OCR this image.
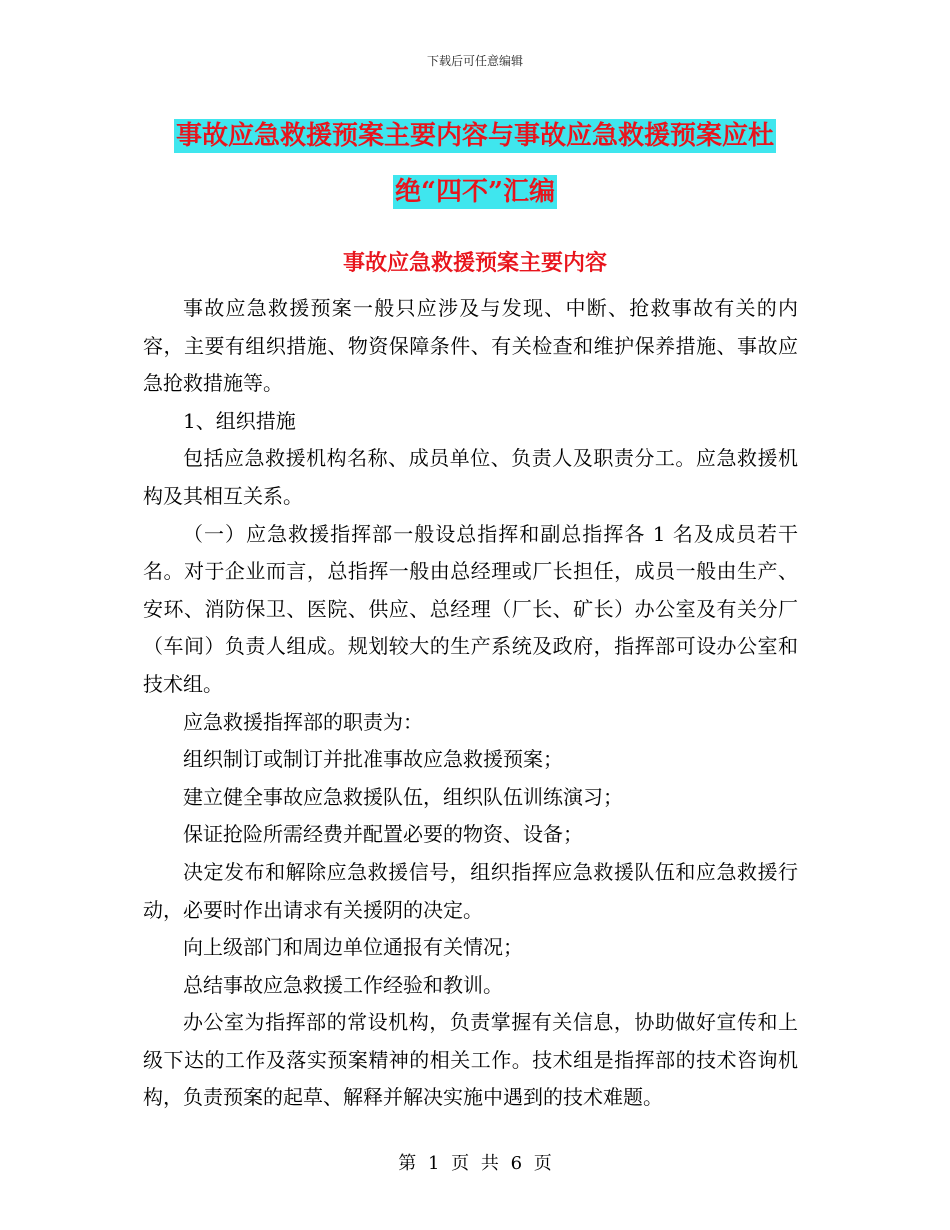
下载后可任意编辑
事故应急救援预案主要内容与事故应急救援预案应杜
绝“四不”汇编
事故应急救援预案主要内容

事故应急救援预案一般只应涉及与发现、中断、抢救事故有关的内容，主要有组织措施、物资保障条件、有关检查和维护保养措施、事故应急抢救措施等。

1、组织措施

包括应急救援机构名称、成员单位、负责人及职责分工。应急救援机构及其相互关系。

（一）应急救援指挥部一般设总指挥和副总指挥各 1 名及成员若干名。对于企业而言，总指挥一般由总经理或厂长担任，成员一般由生产、安环、消防保卫、医院、供应、总经理（厂长、矿长）办公室及有关分厂（车间）负责人组成。规划较大的生产系统及政府，指挥部可设办公室和技术组。

应急救援指挥部的职责为：

组织制订或制订并批准事故应急救援预案；

建立健全事故应急救援队伍，组织队伍训练演习；

保证抢险所需经费并配置必要的物资、设备；

决定发布和解除应急救援信号，组织指挥应急救援队伍和应急救援行动，必要时作出请求有关援阴的决定。

向上级部门和周边单位通报有关情况；

总结事故应急救援工作经验和教训。

办公室为指挥部的常设机构，负责掌握有关信息，协助做好宣传和上级下达的工作及落实预案精神的相关工作。技术组是指挥部的技术咨询机构，负责预案的起草、解释并解决实施中遇到的技术难题。

第 1 页 共 6 页
